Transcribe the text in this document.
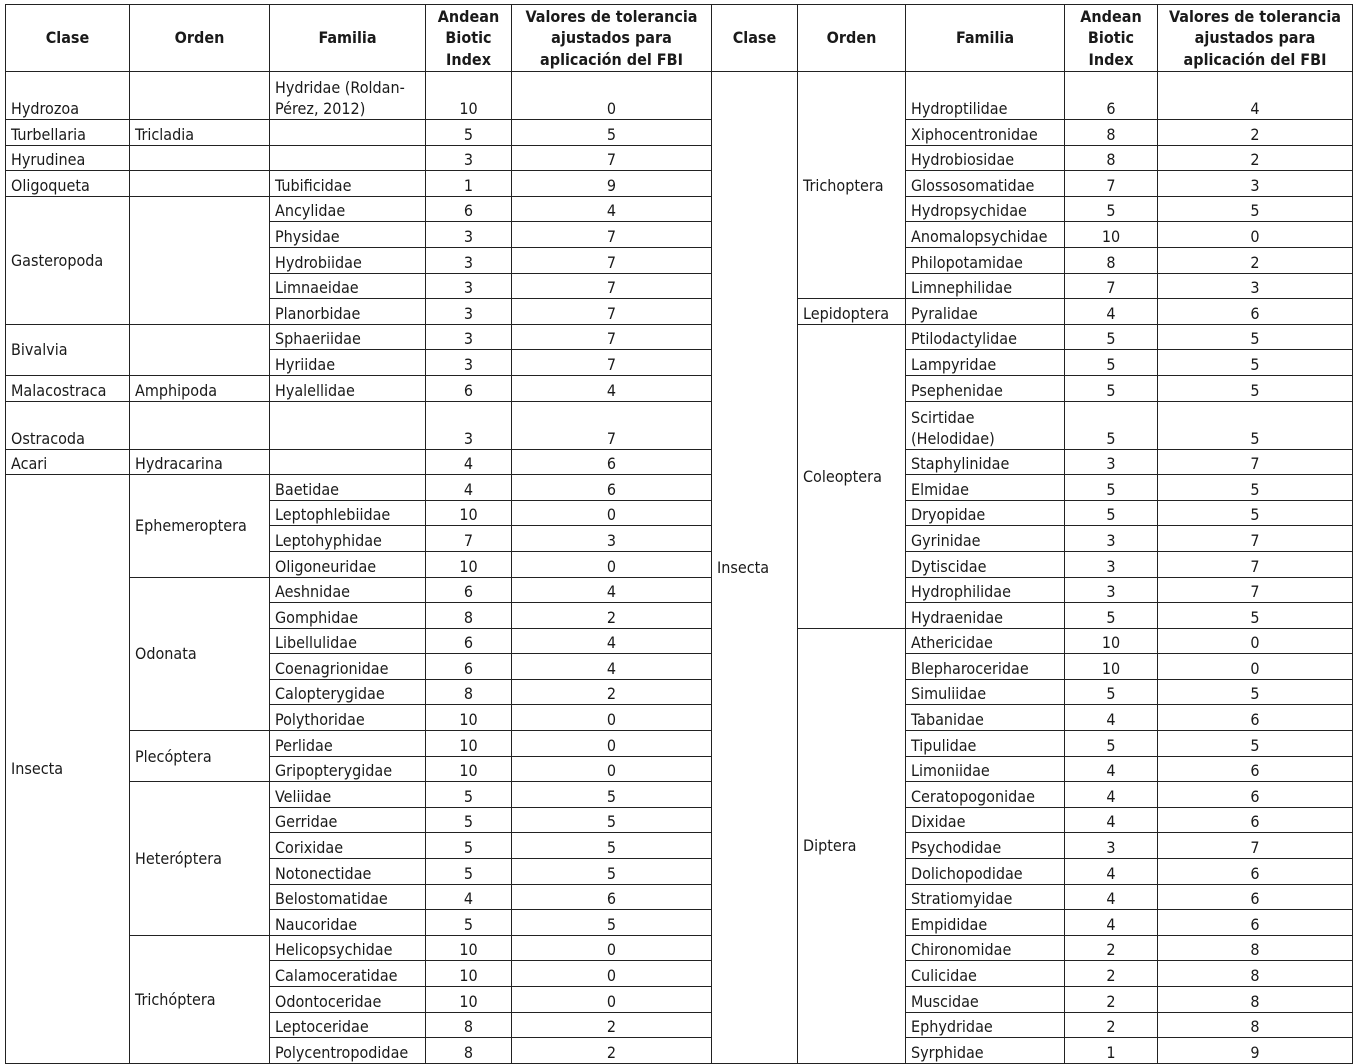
Clase	Orden	Familia	Andean Biotic Index	Valores de tolerancia ajustados para aplicación del FBI
Hydrozoa		Hydridae (Roldan-Pérez, 2012)	10	0
Turbellaria	Tricladia		5	5
Hyrudinea			3	7
Oligoqueta		Tubificidae	1	9
Gasteropoda		Ancylidae	6	4
		Physidae	3	7
		Hydrobiidae	3	7
		Limnaeidae	3	7
		Planorbidae	3	7
Bivalvia		Sphaeriidae	3	7
		Hyriidae	3	7
Malacostraca	Amphipoda	Hyalellidae	6	4
Ostracoda			3	7
Acari	Hydracarina		4	6
Insecta	Ephemeroptera	Baetidae	4	6
		Leptophlebiidae	10	0
		Leptohyphidae	7	3
		Oligoneuridae	10	0
	Odonata	Aeshnidae	6	4
		Gomphidae	8	2
		Libellulidae	6	4
		Coenagrionidae	6	4
		Calopterygidae	8	2
		Polythoridae	10	0
	Plecóptera	Perlidae	10	0
		Gripopterygidae	10	0
	Heteróptera	Veliidae	5	5
		Gerridae	5	5
		Corixidae	5	5
		Notonectidae	5	5
		Belostomatidae	4	6
		Naucoridae	5	5
	Trichóptera	Helicopsychidae	10	0
		Calamoceratidae	10	0
		Odontoceridae	10	0
		Leptoceridae	8	2
		Polycentropodidae	8	2
Clase	Orden	Familia	Andean Biotic Index	Valores de tolerancia ajustados para aplicación del FBI
Insecta	Trichoptera	Hydroptilidae	6	4
		Xiphocentronidae	8	2
		Hydrobiosidae	8	2
		Glossosomatidae	7	3
		Hydropsychidae	5	5
		Anomalopsychidae	10	0
		Philopotamidae	8	2
		Limnephilidae	7	3
	Lepidoptera	Pyralidae	4	6
	Coleoptera	Ptilodactylidae	5	5
		Lampyridae	5	5
		Psephenidae	5	5
		Scirtidae (Helodidae)	5	5
		Staphylinidae	3	7
		Elmidae	5	5
		Dryopidae	5	5
		Gyrinidae	3	7
		Dytiscidae	3	7
		Hydrophilidae	3	7
		Hydraenidae	5	5
	Diptera	Athericidae	10	0
		Blepharoceridae	10	0
		Simuliidae	5	5
		Tabanidae	4	6
		Tipulidae	5	5
		Limoniidae	4	6
		Ceratopogonidae	4	6
		Dixidae	4	6
		Psychodidae	3	7
		Dolichopodidae	4	6
		Stratiomyidae	4	6
		Empididae	4	6
		Chironomidae	2	8
		Culicidae	2	8
		Muscidae	2	8
		Ephydridae	2	8
		Syrphidae	1	9
